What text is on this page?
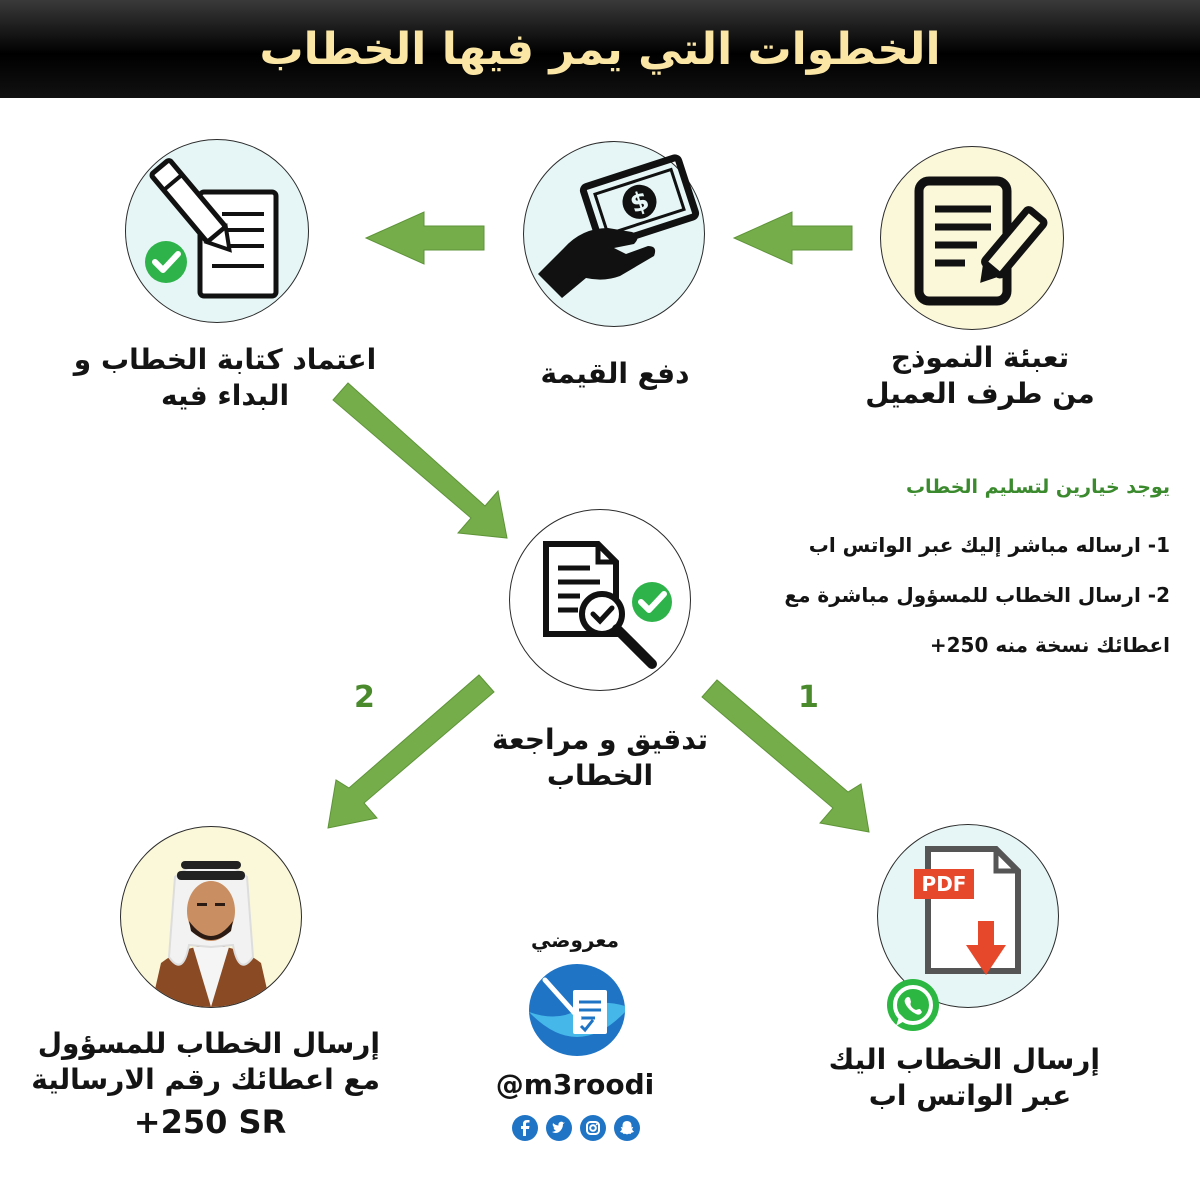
الخطوات التي يمر فيها الخطاب
تعبئة النموذج
من طرف العميل
$
دفع القيمة
اعتماد كتابة الخطاب و
البداء فيه
تدقيق و مراجعة
الخطاب
2	1
يوجد خيارين لتسليم الخطاب
1- ارساله مباشر إليك عبر الواتس اب
2- ارسال الخطاب للمسؤول مباشرة مع
اعطائك نسخة منه 250+
إرسال الخطاب للمسؤول
مع اعطائك رقم الارسالية
+250 SR
PDF
إرسال الخطاب اليك
عبر الواتس اب
معروضي
@m3roodi
